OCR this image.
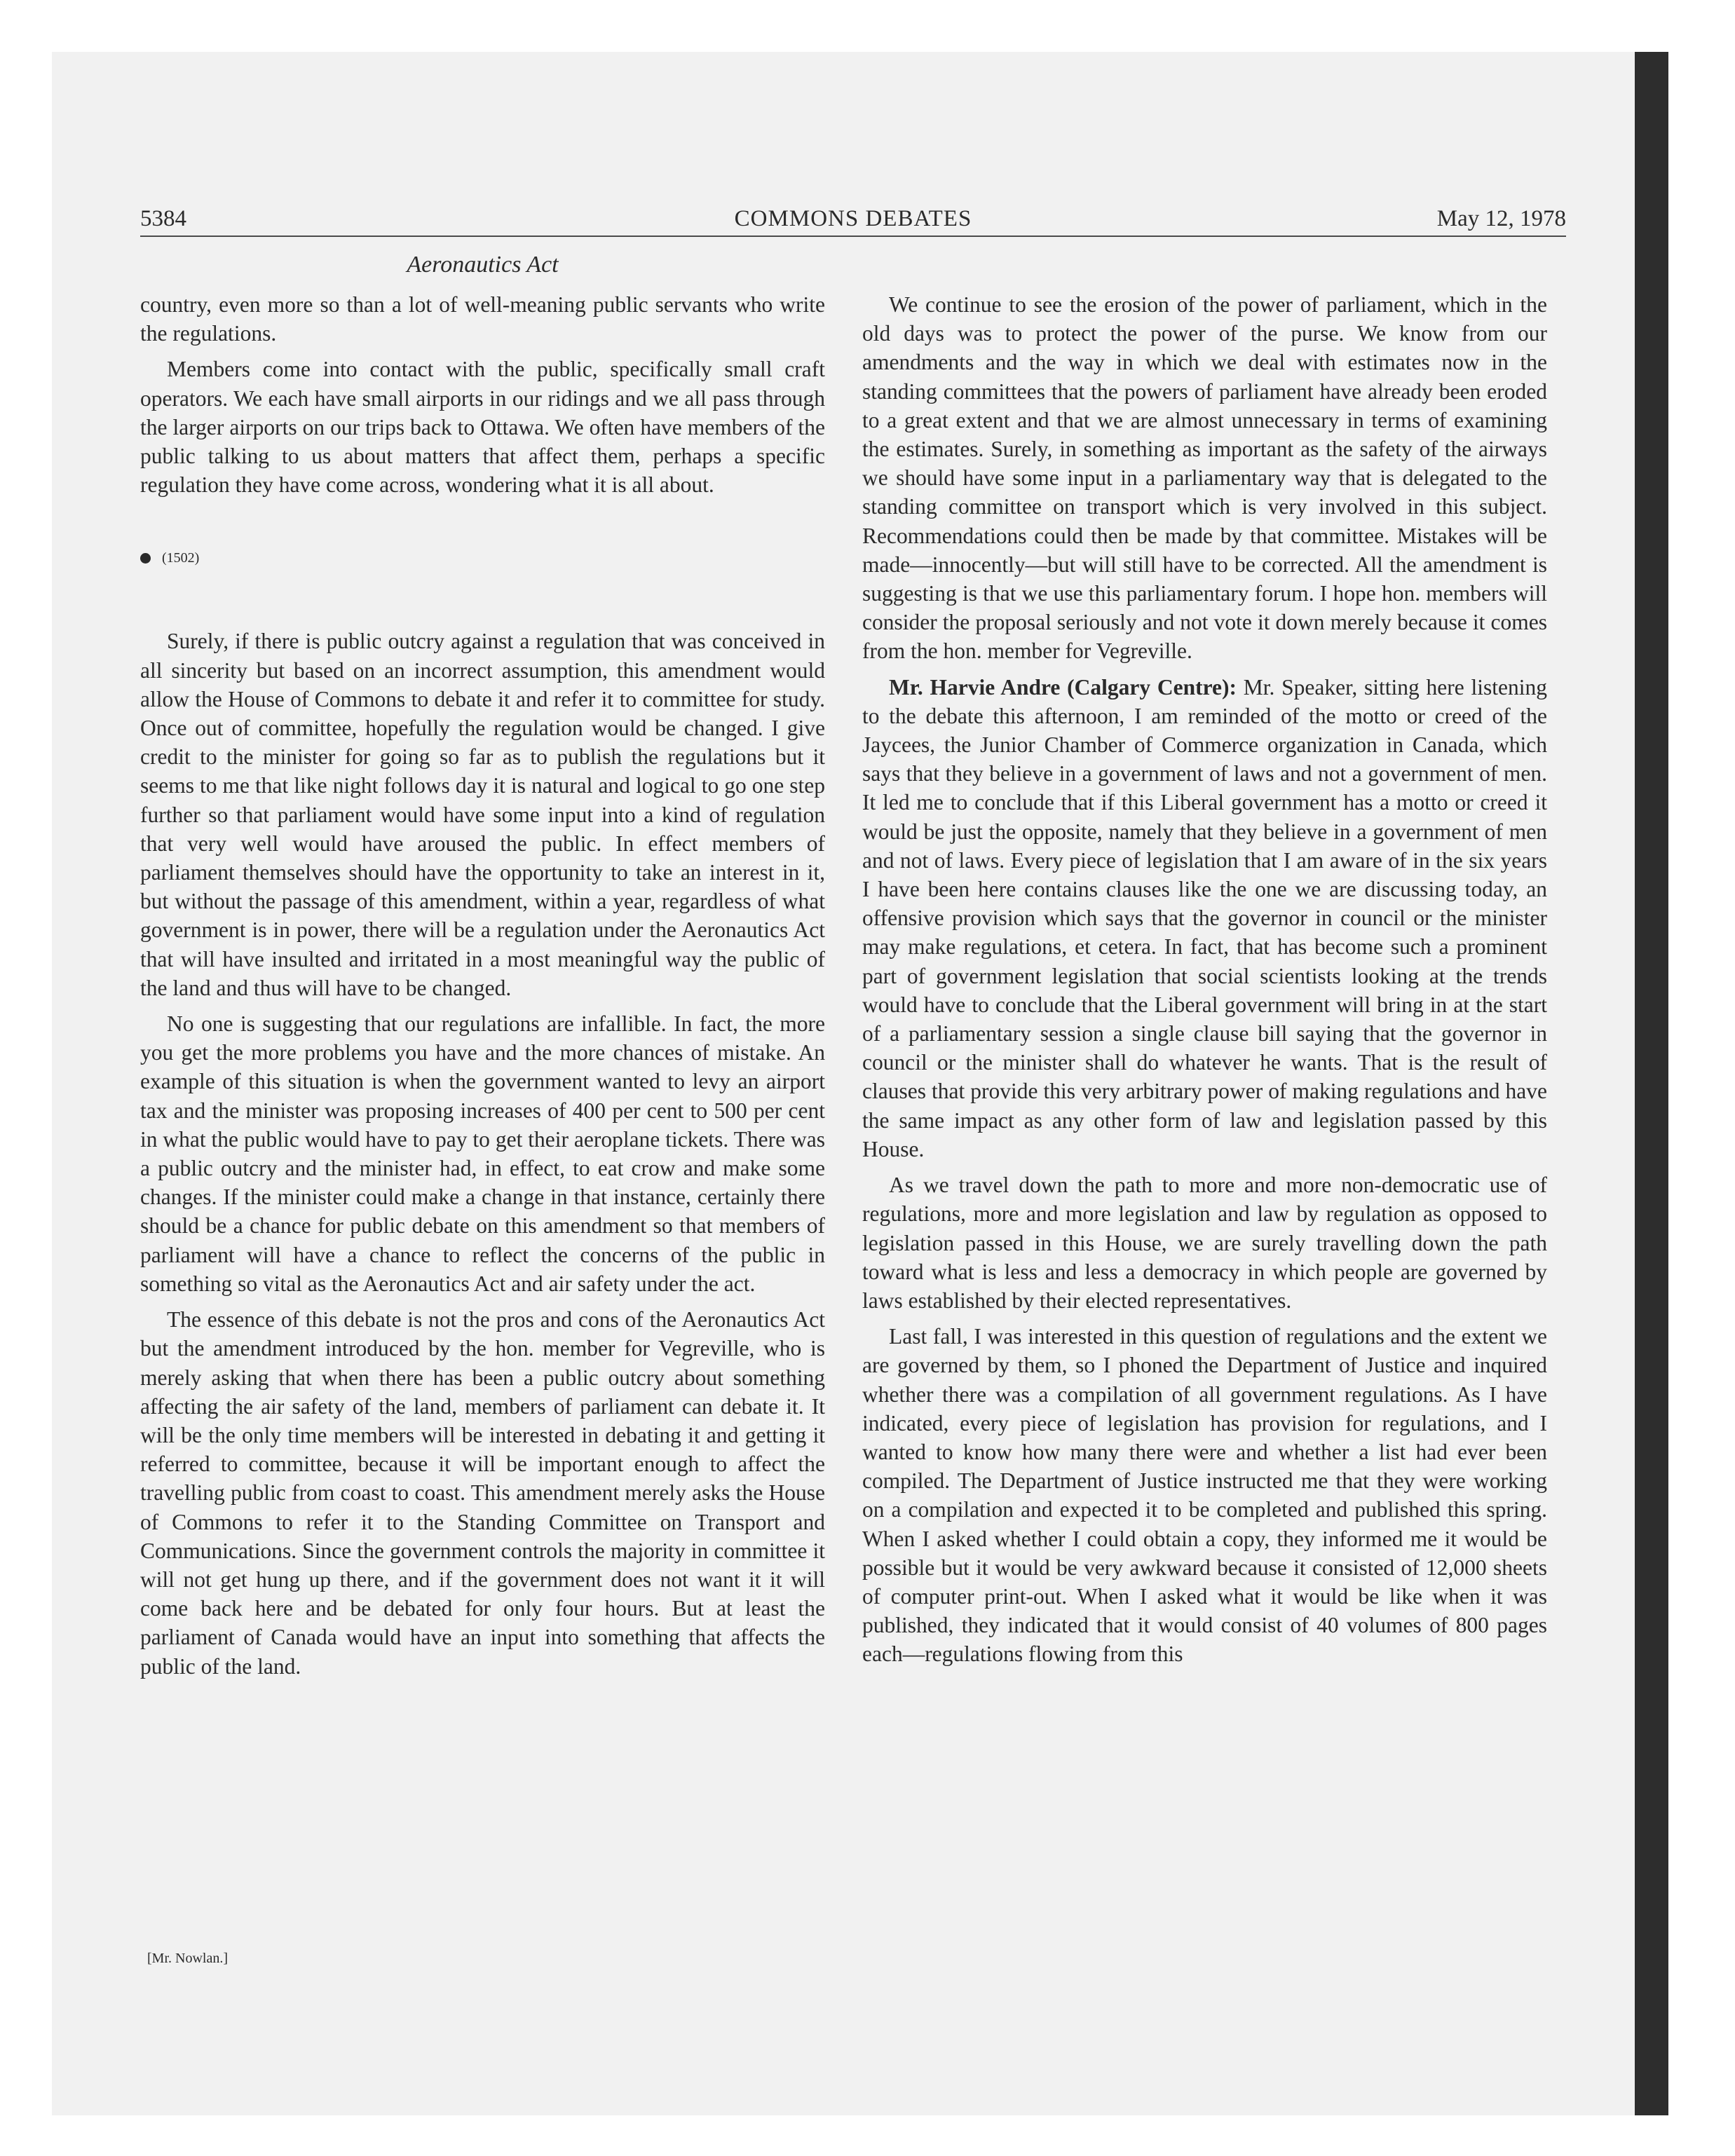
5384	COMMONS DEBATES	May 12, 1978
Aeronautics Act

country, even more so than a lot of well-meaning public servants who write the regulations.

Members come into contact with the public, specifically small craft operators. We each have small airports in our ridings and we all pass through the larger airports on our trips back to Ottawa. We often have members of the public talking to us about matters that affect them, perhaps a specific regulation they have come across, wondering what it is all about.

(1502)

Surely, if there is public outcry against a regulation that was conceived in all sincerity but based on an incorrect assumption, this amendment would allow the House of Commons to debate it and refer it to committee for study. Once out of committee, hopefully the regulation would be changed. I give credit to the minister for going so far as to publish the regulations but it seems to me that like night follows day it is natural and logical to go one step further so that parliament would have some input into a kind of regulation that very well would have aroused the public. In effect members of parliament themselves should have the opportunity to take an interest in it, but without the passage of this amendment, within a year, regardless of what government is in power, there will be a regulation under the Aeronautics Act that will have insulted and irritated in a most meaningful way the public of the land and thus will have to be changed.

No one is suggesting that our regulations are infallible. In fact, the more you get the more problems you have and the more chances of mistake. An example of this situation is when the government wanted to levy an airport tax and the minister was proposing increases of 400 per cent to 500 per cent in what the public would have to pay to get their aeroplane tickets. There was a public outcry and the minister had, in effect, to eat crow and make some changes. If the minister could make a change in that instance, certainly there should be a chance for public debate on this amendment so that members of parliament will have a chance to reflect the concerns of the public in something so vital as the Aeronautics Act and air safety under the act.

The essence of this debate is not the pros and cons of the Aeronautics Act but the amendment introduced by the hon. member for Vegreville, who is merely asking that when there has been a public outcry about something affecting the air safety of the land, members of parliament can debate it. It will be the only time members will be interested in debating it and getting it referred to committee, because it will be important enough to affect the travelling public from coast to coast. This amendment merely asks the House of Commons to refer it to the Standing Committee on Transport and Communications. Since the government controls the majority in committee it will not get hung up there, and if the government does not want it it will come back here and be debated for only four hours. But at least the parliament of Canada would have an input into something that affects the public of the land.

[Mr. Nowlan.]

We continue to see the erosion of the power of parliament, which in the old days was to protect the power of the purse. We know from our amendments and the way in which we deal with estimates now in the standing committees that the powers of parliament have already been eroded to a great extent and that we are almost unnecessary in terms of examining the estimates. Surely, in something as important as the safety of the airways we should have some input in a parliamentary way that is delegated to the standing committee on transport which is very involved in this subject. Recommendations could then be made by that committee. Mistakes will be made—innocently—but will still have to be corrected. All the amendment is suggesting is that we use this parliamentary forum. I hope hon. members will consider the proposal seriously and not vote it down merely because it comes from the hon. member for Vegreville.

Mr. Harvie Andre (Calgary Centre): Mr. Speaker, sitting here listening to the debate this afternoon, I am reminded of the motto or creed of the Jaycees, the Junior Chamber of Commerce organization in Canada, which says that they believe in a government of laws and not a government of men. It led me to conclude that if this Liberal government has a motto or creed it would be just the opposite, namely that they believe in a government of men and not of laws. Every piece of legislation that I am aware of in the six years I have been here contains clauses like the one we are discussing today, an offensive provision which says that the governor in council or the minister may make regulations, et cetera. In fact, that has become such a prominent part of government legislation that social scientists looking at the trends would have to conclude that the Liberal government will bring in at the start of a parliamentary session a single clause bill saying that the governor in council or the minister shall do whatever he wants. That is the result of clauses that provide this very arbitrary power of making regulations and have the same impact as any other form of law and legislation passed by this House.

As we travel down the path to more and more non-democratic use of regulations, more and more legislation and law by regulation as opposed to legislation passed in this House, we are surely travelling down the path toward what is less and less a democracy in which people are governed by laws established by their elected representatives.

Last fall, I was interested in this question of regulations and the extent we are governed by them, so I phoned the Department of Justice and inquired whether there was a compilation of all government regulations. As I have indicated, every piece of legislation has provision for regulations, and I wanted to know how many there were and whether a list had ever been compiled. The Department of Justice instructed me that they were working on a compilation and expected it to be completed and published this spring. When I asked whether I could obtain a copy, they informed me it would be possible but it would be very awkward because it consisted of 12,000 sheets of computer print-out. When I asked what it would be like when it was published, they indicated that it would consist of 40 volumes of 800 pages each—regulations flowing from this
